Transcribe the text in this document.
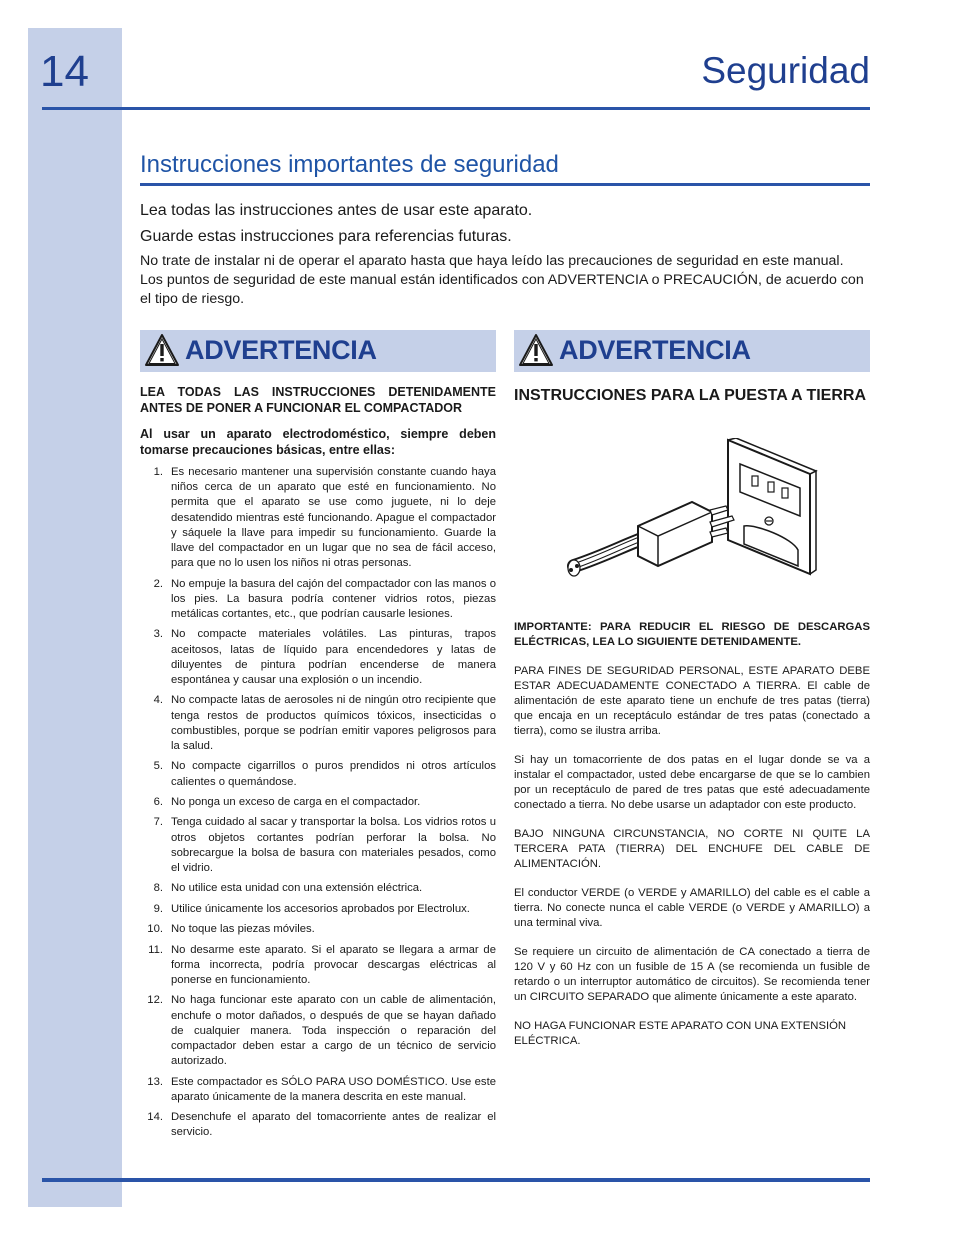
14	Seguridad
Instrucciones importantes de seguridad
Lea todas las instrucciones antes de usar este aparato.
Guarde estas instrucciones para referencias futuras.
No trate de instalar ni de operar el aparato hasta que haya leído las precauciones de seguridad en este manual. Los puntos de seguridad de este manual están identificados con ADVERTENCIA o PRECAUCIÓN, de acuerdo con el tipo de riesgo.
ADVERTENCIA	ADVERTENCIA
LEA TODAS LAS INSTRUCCIONES DETENIDAMENTE ANTES DE PONER A FUNCIONAR EL COMPACTADOR
Al usar un aparato electrodoméstico, siempre deben tomarse precauciones básicas, entre ellas:
1. Es necesario mantener una supervisión constante cuando haya niños cerca de un aparato que esté en funcionamiento. No permita que el aparato se use como juguete, ni lo deje desatendido mientras esté funcionando. Apague el compactador y sáquele la llave para impedir su funcionamiento. Guarde la llave del compactador en un lugar que no sea de fácil acceso, para que no lo usen los niños ni otras personas.
2. No empuje la basura del cajón del compactador con las manos o los pies. La basura podría contener vidrios rotos, piezas metálicas cortantes, etc., que podrían causarle lesiones.
3. No compacte materiales volátiles. Las pinturas, trapos aceitosos, latas de líquido para encendedores y latas de diluyentes de pintura podrían encenderse de manera espontánea y causar una explosión o un incendio.
4. No compacte latas de aerosoles ni de ningún otro recipiente que tenga restos de productos químicos tóxicos, insecticidas o combustibles, porque se podrían emitir vapores peligrosos para la salud.
5. No compacte cigarrillos o puros prendidos ni otros artículos calientes o quemándose.
6. No ponga un exceso de carga en el compactador.
7. Tenga cuidado al sacar y transportar la bolsa. Los vidrios rotos u otros objetos cortantes podrían perforar la bolsa. No sobrecargue la bolsa de basura con materiales pesados, como el vidrio.
8. No utilice esta unidad con una extensión eléctrica.
9. Utilice únicamente los accesorios aprobados por Electrolux.
10. No toque las piezas móviles.
11. No desarme este aparato. Si el aparato se llegara a armar de forma incorrecta, podría provocar descargas eléctricas al ponerse en funcionamiento.
12. No haga funcionar este aparato con un cable de alimentación, enchufe o motor dañados, o después de que se hayan dañado de cualquier manera. Toda inspección o reparación del compactador deben estar a cargo de un técnico de servicio autorizado.
13. Este compactador es SÓLO PARA USO DOMÉSTICO. Use este aparato únicamente de la manera descrita en este manual.
14. Desenchufe el aparato del tomacorriente antes de realizar el servicio.
INSTRUCCIONES PARA LA PUESTA A TIERRA
IMPORTANTE: PARA REDUCIR EL RIESGO DE DESCARGAS ELÉCTRICAS, LEA LO SIGUIENTE DETENIDAMENTE.
PARA FINES DE SEGURIDAD PERSONAL, ESTE APARATO DEBE ESTAR ADECUADAMENTE CONECTADO A TIERRA. El cable de alimentación de este aparato tiene un enchufe de tres patas (tierra) que encaja en un receptáculo estándar de tres patas (conectado a tierra), como se ilustra arriba.
Si hay un tomacorriente de dos patas en el lugar donde se va a instalar el compactador, usted debe encargarse de que se lo cambien por un receptáculo de pared de tres patas que esté adecuadamente conectado a tierra. No debe usarse un adaptador con este producto.
BAJO NINGUNA CIRCUNSTANCIA, NO CORTE NI QUITE LA TERCERA PATA (TIERRA) DEL ENCHUFE DEL CABLE DE ALIMENTACIÓN.
El conductor VERDE (o VERDE y AMARILLO) del cable es el cable a tierra. No conecte nunca el cable VERDE (o VERDE y AMARILLO) a una terminal viva.
Se requiere un circuito de alimentación de CA conectado a tierra de 120 V y 60 Hz con un fusible de 15 A (se recomienda un fusible de retardo o un interruptor automático de circuitos). Se recomienda tener un CIRCUITO SEPARADO que alimente únicamente a este aparato.
NO HAGA FUNCIONAR ESTE APARATO CON UNA EXTENSIÓN ELÉCTRICA.
